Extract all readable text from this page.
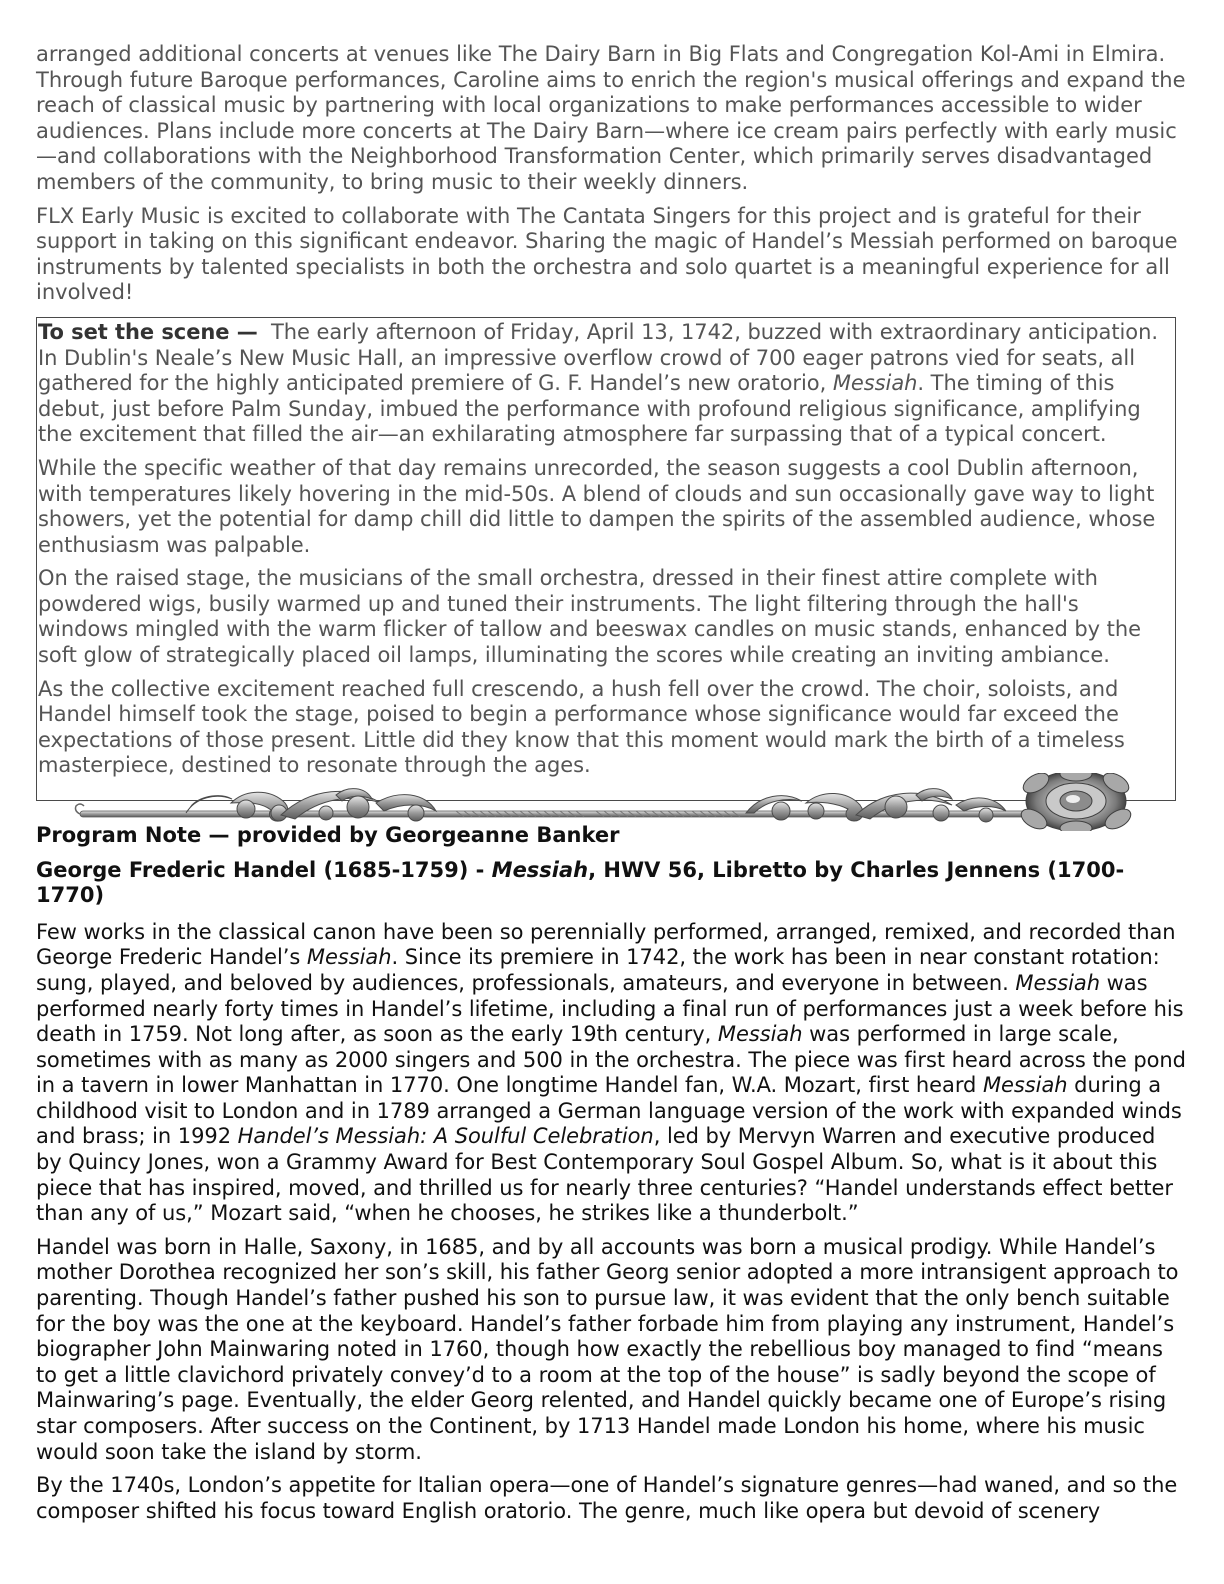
arranged additional concerts at venues like The Dairy Barn in Big Flats and Congregation Kol-Ami in Elmira. Through future Baroque performances, Caroline aims to enrich the region's musical offerings and expand the reach of classical music by partnering with local organizations to make performances accessible to wider audiences. Plans include more concerts at The Dairy Barn—where ice cream pairs perfectly with early music—and collaborations with the Neighborhood Transformation Center, which primarily serves disadvantaged members of the community, to bring music to their weekly dinners.

FLX Early Music is excited to collaborate with The Cantata Singers for this project and is grateful for their support in taking on this significant endeavor. Sharing the magic of Handel’s Messiah performed on baroque instruments by talented specialists in both the orchestra and solo quartet is a meaningful experience for all involved!

To set the scene —  The early afternoon of Friday, April 13, 1742, buzzed with extraordinary anticipation. In Dublin's Neale’s New Music Hall, an impressive overflow crowd of 700 eager patrons vied for seats, all gathered for the highly anticipated premiere of G. F. Handel’s new oratorio, Messiah. The timing of this debut, just before Palm Sunday, imbued the performance with profound religious significance, amplifying the excitement that filled the air—an exhilarating atmosphere far surpassing that of a typical concert.

While the specific weather of that day remains unrecorded, the season suggests a cool Dublin afternoon, with temperatures likely hovering in the mid-50s. A blend of clouds and sun occasionally gave way to light showers, yet the potential for damp chill did little to dampen the spirits of the assembled audience, whose enthusiasm was palpable.

On the raised stage, the musicians of the small orchestra, dressed in their finest attire complete with powdered wigs, busily warmed up and tuned their instruments. The light filtering through the hall's windows mingled with the warm flicker of tallow and beeswax candles on music stands, enhanced by the soft glow of strategically placed oil lamps, illuminating the scores while creating an inviting ambiance.

As the collective excitement reached full crescendo, a hush fell over the crowd. The choir, soloists, and Handel himself took the stage, poised to begin a performance whose significance would far exceed the expectations of those present. Little did they know that this moment would mark the birth of a timeless masterpiece, destined to resonate through the ages.

Program Note — provided by Georgeanne Banker
George Frederic Handel (1685-1759) - Messiah, HWV 56, Libretto by Charles Jennens (1700-1770)

Few works in the classical canon have been so perennially performed, arranged, remixed, and recorded than George Frederic Handel’s Messiah. Since its premiere in 1742, the work has been in near constant rotation: sung, played, and beloved by audiences, professionals, amateurs, and everyone in between. Messiah was performed nearly forty times in Handel’s lifetime, including a final run of performances just a week before his death in 1759. Not long after, as soon as the early 19th century, Messiah was performed in large scale, sometimes with as many as 2000 singers and 500 in the orchestra. The piece was first heard across the pond in a tavern in lower Manhattan in 1770. One longtime Handel fan, W.A. Mozart, first heard Messiah during a childhood visit to London and in 1789 arranged a German language version of the work with expanded winds and brass; in 1992 Handel’s Messiah: A Soulful Celebration, led by Mervyn Warren and executive produced by Quincy Jones, won a Grammy Award for Best Contemporary Soul Gospel Album. So, what is it about this piece that has inspired, moved, and thrilled us for nearly three centuries? “Handel understands effect better than any of us,” Mozart said, “when he chooses, he strikes like a thunderbolt.”

Handel was born in Halle, Saxony, in 1685, and by all accounts was born a musical prodigy. While Handel’s mother Dorothea recognized her son’s skill, his father Georg senior adopted a more intransigent approach to parenting. Though Handel’s father pushed his son to pursue law, it was evident that the only bench suitable for the boy was the one at the keyboard. Handel’s father forbade him from playing any instrument, Handel’s biographer John Mainwaring noted in 1760, though how exactly the rebellious boy managed to find “means to get a little clavichord privately convey’d to a room at the top of the house” is sadly beyond the scope of Mainwaring’s page. Eventually, the elder Georg relented, and Handel quickly became one of Europe’s rising star composers. After success on the Continent, by 1713 Handel made London his home, where his music would soon take the island by storm.

By the 1740s, London’s appetite for Italian opera—one of Handel’s signature genres—had waned, and so the composer shifted his focus toward English oratorio. The genre, much like opera but devoid of scenery
